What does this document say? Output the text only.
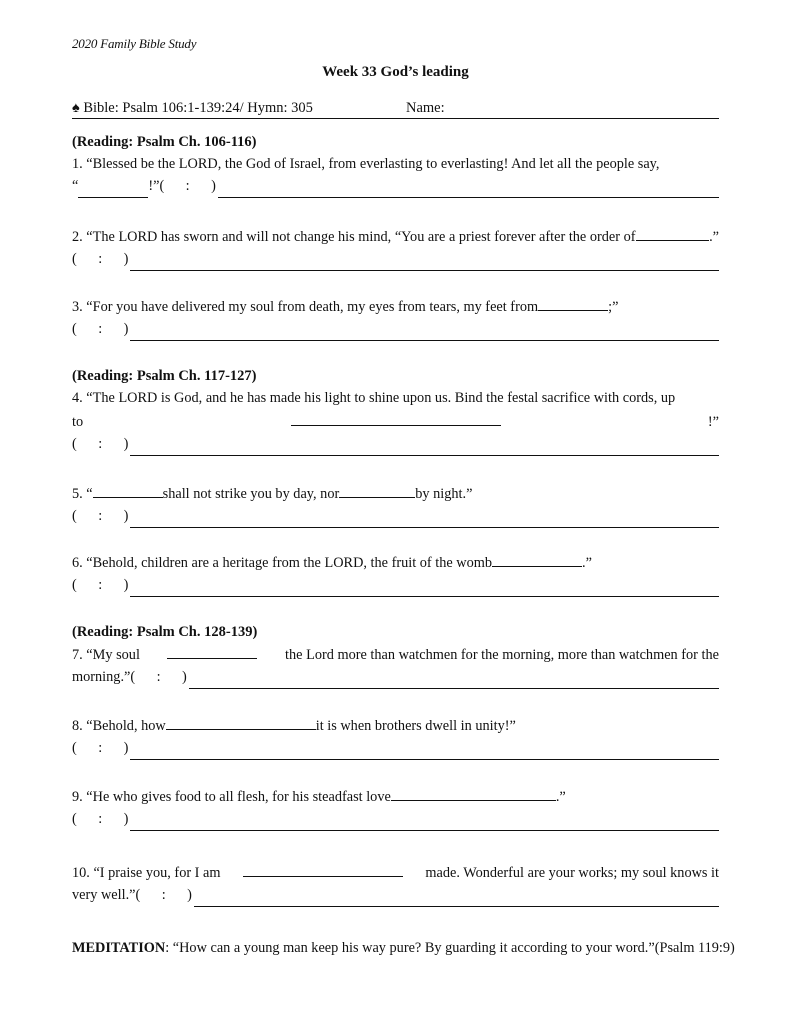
2020 Family Bible Study
Week 33 God’s leading
♠ Bible: Psalm 106:1-139:24/ Hymn: 305	Name:
(Reading: Psalm Ch. 106-116)
1. “Blessed be the LORD, the God of Israel, from everlasting to everlasting! And let all the people say,
“	!” (      :      )
2. “The LORD has sworn and will not change his mind, “You are a priest forever after the order of	.”
(      :      )
3. “For you have delivered my soul from death, my eyes from tears, my feet from	;”
(      :      )
(Reading: Psalm Ch. 117-127)
4. “The LORD is God, and he has made his light to shine upon us. Bind the festal sacrifice with cords, up
to	!”
(      :      )
5. “	shall not strike you by day, nor	by night.”
(      :      )
6. “Behold, children are a heritage from the LORD, the fruit of the womb	.”
(      :      )
(Reading: Psalm Ch. 128-139)
7. “My soul	the Lord more than watchmen for the morning, more than watchmen for the
morning.” (      :      )
8. “Behold, how	it is when brothers dwell in unity!”
(      :      )
9. “He who gives food to all flesh, for his steadfast love	.”
(      :      )
10. “I praise you, for I am	made. Wonderful are your works; my soul knows it
very well.” (      :      )
MEDITATION: “How can a young man keep his way pure? By guarding it according to your word.”(Psalm 119:9)
